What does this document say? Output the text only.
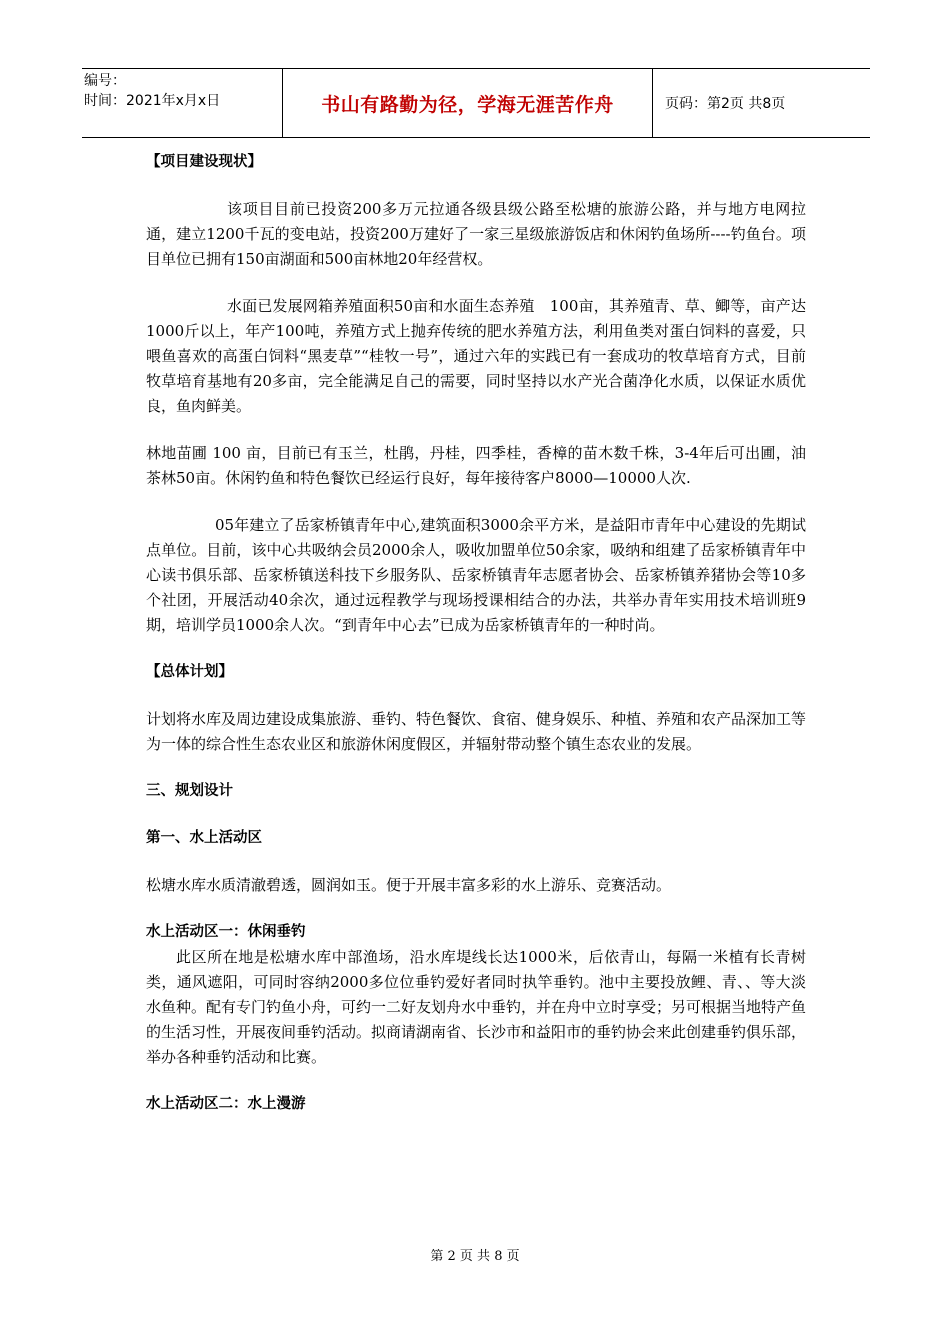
编号：
时间：2021年x月x日	书山有路勤为径，学海无涯苦作舟	页码：第2页 共8页

【项目建设现状】

该项目目前已投资200多万元拉通各级县级公路至松塘的旅游公路，并与地方电网拉通，建立1200千瓦的变电站，投资200万建好了一家三星级旅游饭店和休闲钓鱼场所----钓鱼台。项目单位已拥有150亩湖面和500亩林地20年经营权。

水面已发展网箱养殖面积50亩和水面生态养殖　100亩，其养殖青、草、鲫等，亩产达1000斤以上，年产100吨，养殖方式上抛弃传统的肥水养殖方法，利用鱼类对蛋白饲料的喜爱，只喂鱼喜欢的高蛋白饲料“黑麦草”“桂牧一号”，通过六年的实践已有一套成功的牧草培育方式，目前牧草培育基地有20多亩，完全能满足自己的需要，同时坚持以水产光合菌净化水质，以保证水质优良，鱼肉鲜美。

林地苗圃 100 亩，目前已有玉兰，杜鹃，丹桂，四季桂，香樟的苗木数千株，3-4年后可出圃，油茶林50亩。休闲钓鱼和特色餐饮已经运行良好，每年接待客户8000—10000人次.

05年建立了岳家桥镇青年中心,建筑面积3000余平方米，是益阳市青年中心建设的先期试点单位。目前，该中心共吸纳会员2000余人，吸收加盟单位50余家，吸纳和组建了岳家桥镇青年中心读书俱乐部、岳家桥镇送科技下乡服务队、岳家桥镇青年志愿者协会、岳家桥镇养猪协会等10多个社团，开展活动40余次，通过远程教学与现场授课相结合的办法，共举办青年实用技术培训班9期，培训学员1000余人次。“到青年中心去”已成为岳家桥镇青年的一种时尚。

【总体计划】

计划将水库及周边建设成集旅游、垂钓、特色餐饮、食宿、健身娱乐、种植、养殖和农产品深加工等为一体的综合性生态农业区和旅游休闲度假区，并辐射带动整个镇生态农业的发展。

三、规划设计

第一、水上活动区

松塘水库水质清澈碧透，圆润如玉。便于开展丰富多彩的水上游乐、竞赛活动。

水上活动区一：休闲垂钓

此区所在地是松塘水库中部渔场，沿水库堤线长达1000米，后依青山，每隔一米植有长青树类，通风遮阳，可同时容纳2000多位位垂钓爱好者同时执竿垂钓。池中主要投放鲤、青、、等大淡水鱼种。配有专门钓鱼小舟，可约一二好友划舟水中垂钓，并在舟中立时享受；另可根据当地特产鱼的生活习性，开展夜间垂钓活动。拟商请湖南省、长沙市和益阳市的垂钓协会来此创建垂钓俱乐部，举办各种垂钓活动和比赛。

水上活动区二：水上漫游

第 2 页 共 8 页
